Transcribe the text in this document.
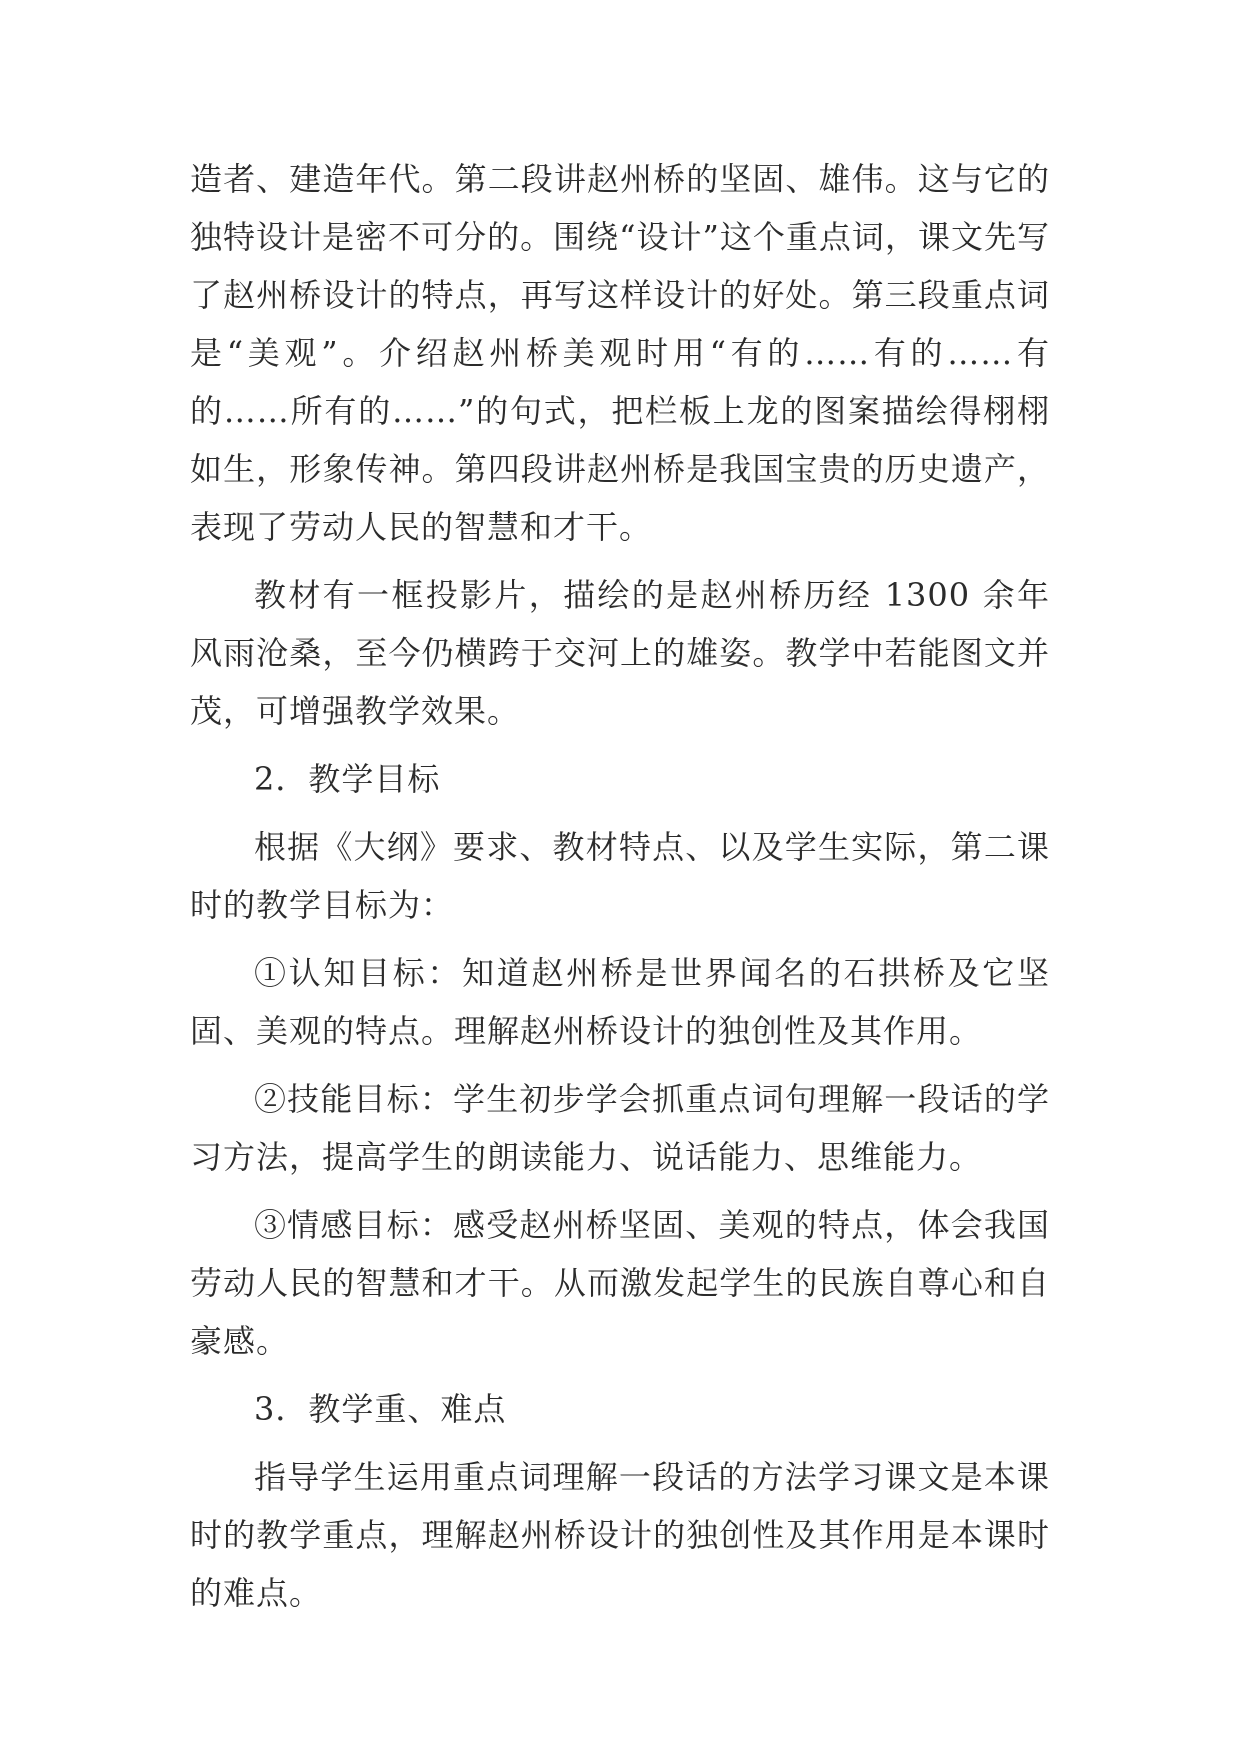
造者、建造年代。第二段讲赵州桥的坚固、雄伟。这与它的独特设计是密不可分的。围绕“设计”这个重点词，课文先写了赵州桥设计的特点，再写这样设计的好处。第三段重点词是“美观”。介绍赵州桥美观时用“有的……有的……有的……所有的……”的句式，把栏板上龙的图案描绘得栩栩如生，形象传神。第四段讲赵州桥是我国宝贵的历史遗产，表现了劳动人民的智慧和才干。

教材有一框投影片，描绘的是赵州桥历经 1300 余年风雨沧桑，至今仍横跨于交河上的雄姿。教学中若能图文并茂，可增强教学效果。

2．教学目标

根据《大纲》要求、教材特点、以及学生实际，第二课时的教学目标为：

①认知目标：知道赵州桥是世界闻名的石拱桥及它坚固、美观的特点。理解赵州桥设计的独创性及其作用。

②技能目标：学生初步学会抓重点词句理解一段话的学习方法，提高学生的朗读能力、说话能力、思维能力。

③情感目标：感受赵州桥坚固、美观的特点，体会我国劳动人民的智慧和才干。从而激发起学生的民族自尊心和自豪感。

3．教学重、难点

指导学生运用重点词理解一段话的方法学习课文是本课时的教学重点，理解赵州桥设计的独创性及其作用是本课时的难点。
